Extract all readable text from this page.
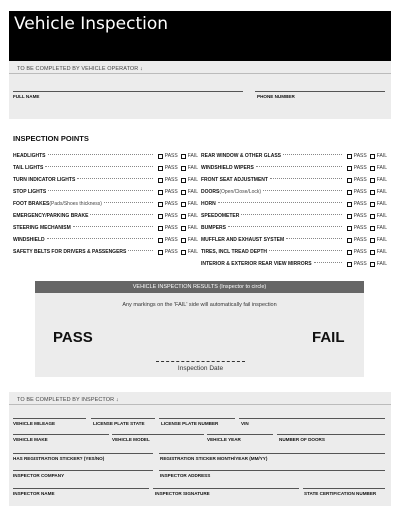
Vehicle Inspection
TO BE COMPLETED BY VEHICLE OPERATOR ↓
FULL NAME	PHONE NUMBER
INSPECTION POINTS
HEADLIGHTS	PASS FAIL
TAIL LIGHTS	PASS FAIL
TURN INDICATOR LIGHTS	PASS FAIL
STOP LIGHTS	PASS FAIL
FOOT BRAKES (Pads/Shoes thickness)	PASS FAIL
EMERGENCY/PARKING BRAKE	PASS FAIL
STEERING MECHANISM	PASS FAIL
WINDSHIELD	PASS FAIL
SAFETY BELTS FOR DRIVERS & PASSENGERS	PASS FAIL
REAR WINDOW & OTHER GLASS	PASS FAIL
WINDSHIELD WIPERS	PASS FAIL
FRONT SEAT ADJUSTMENT	PASS FAIL
DOORS (Open/Close/Lock)	PASS FAIL
HORN	PASS FAIL
SPEEDOMETER	PASS FAIL
BUMPERS	PASS FAIL
MUFFLER AND EXHAUST SYSTEM	PASS FAIL
TIRES, INCL TREAD DEPTH	PASS FAIL
INTERIOR & EXTERIOR REAR VIEW MIRRORS	PASS FAIL
VEHICLE INSPECTION RESULTS (Inspector to circle)
Any markings on the 'FAIL' side will automatically fail inspection
PASS	FAIL
Inspection Date
TO BE COMPLETED BY INSPECTOR ↓
VEHICLE MILEAGE	LICENSE PLATE STATE	LICENSE PLATE NUMBER	VIN
VEHICLE MAKE	VEHICLE MODEL	VEHICLE YEAR	NUMBER OF DOORS
HAS REGISTRATION STICKER? (YES/NO)	REGISTRATION STICKER MONTH/YEAR (MM/YY)
INSPECTOR COMPANY	INSPECTOR ADDRESS
INSPECTOR NAME	INSPECTOR SIGNATURE	STATE CERTIFICATION NUMBER
